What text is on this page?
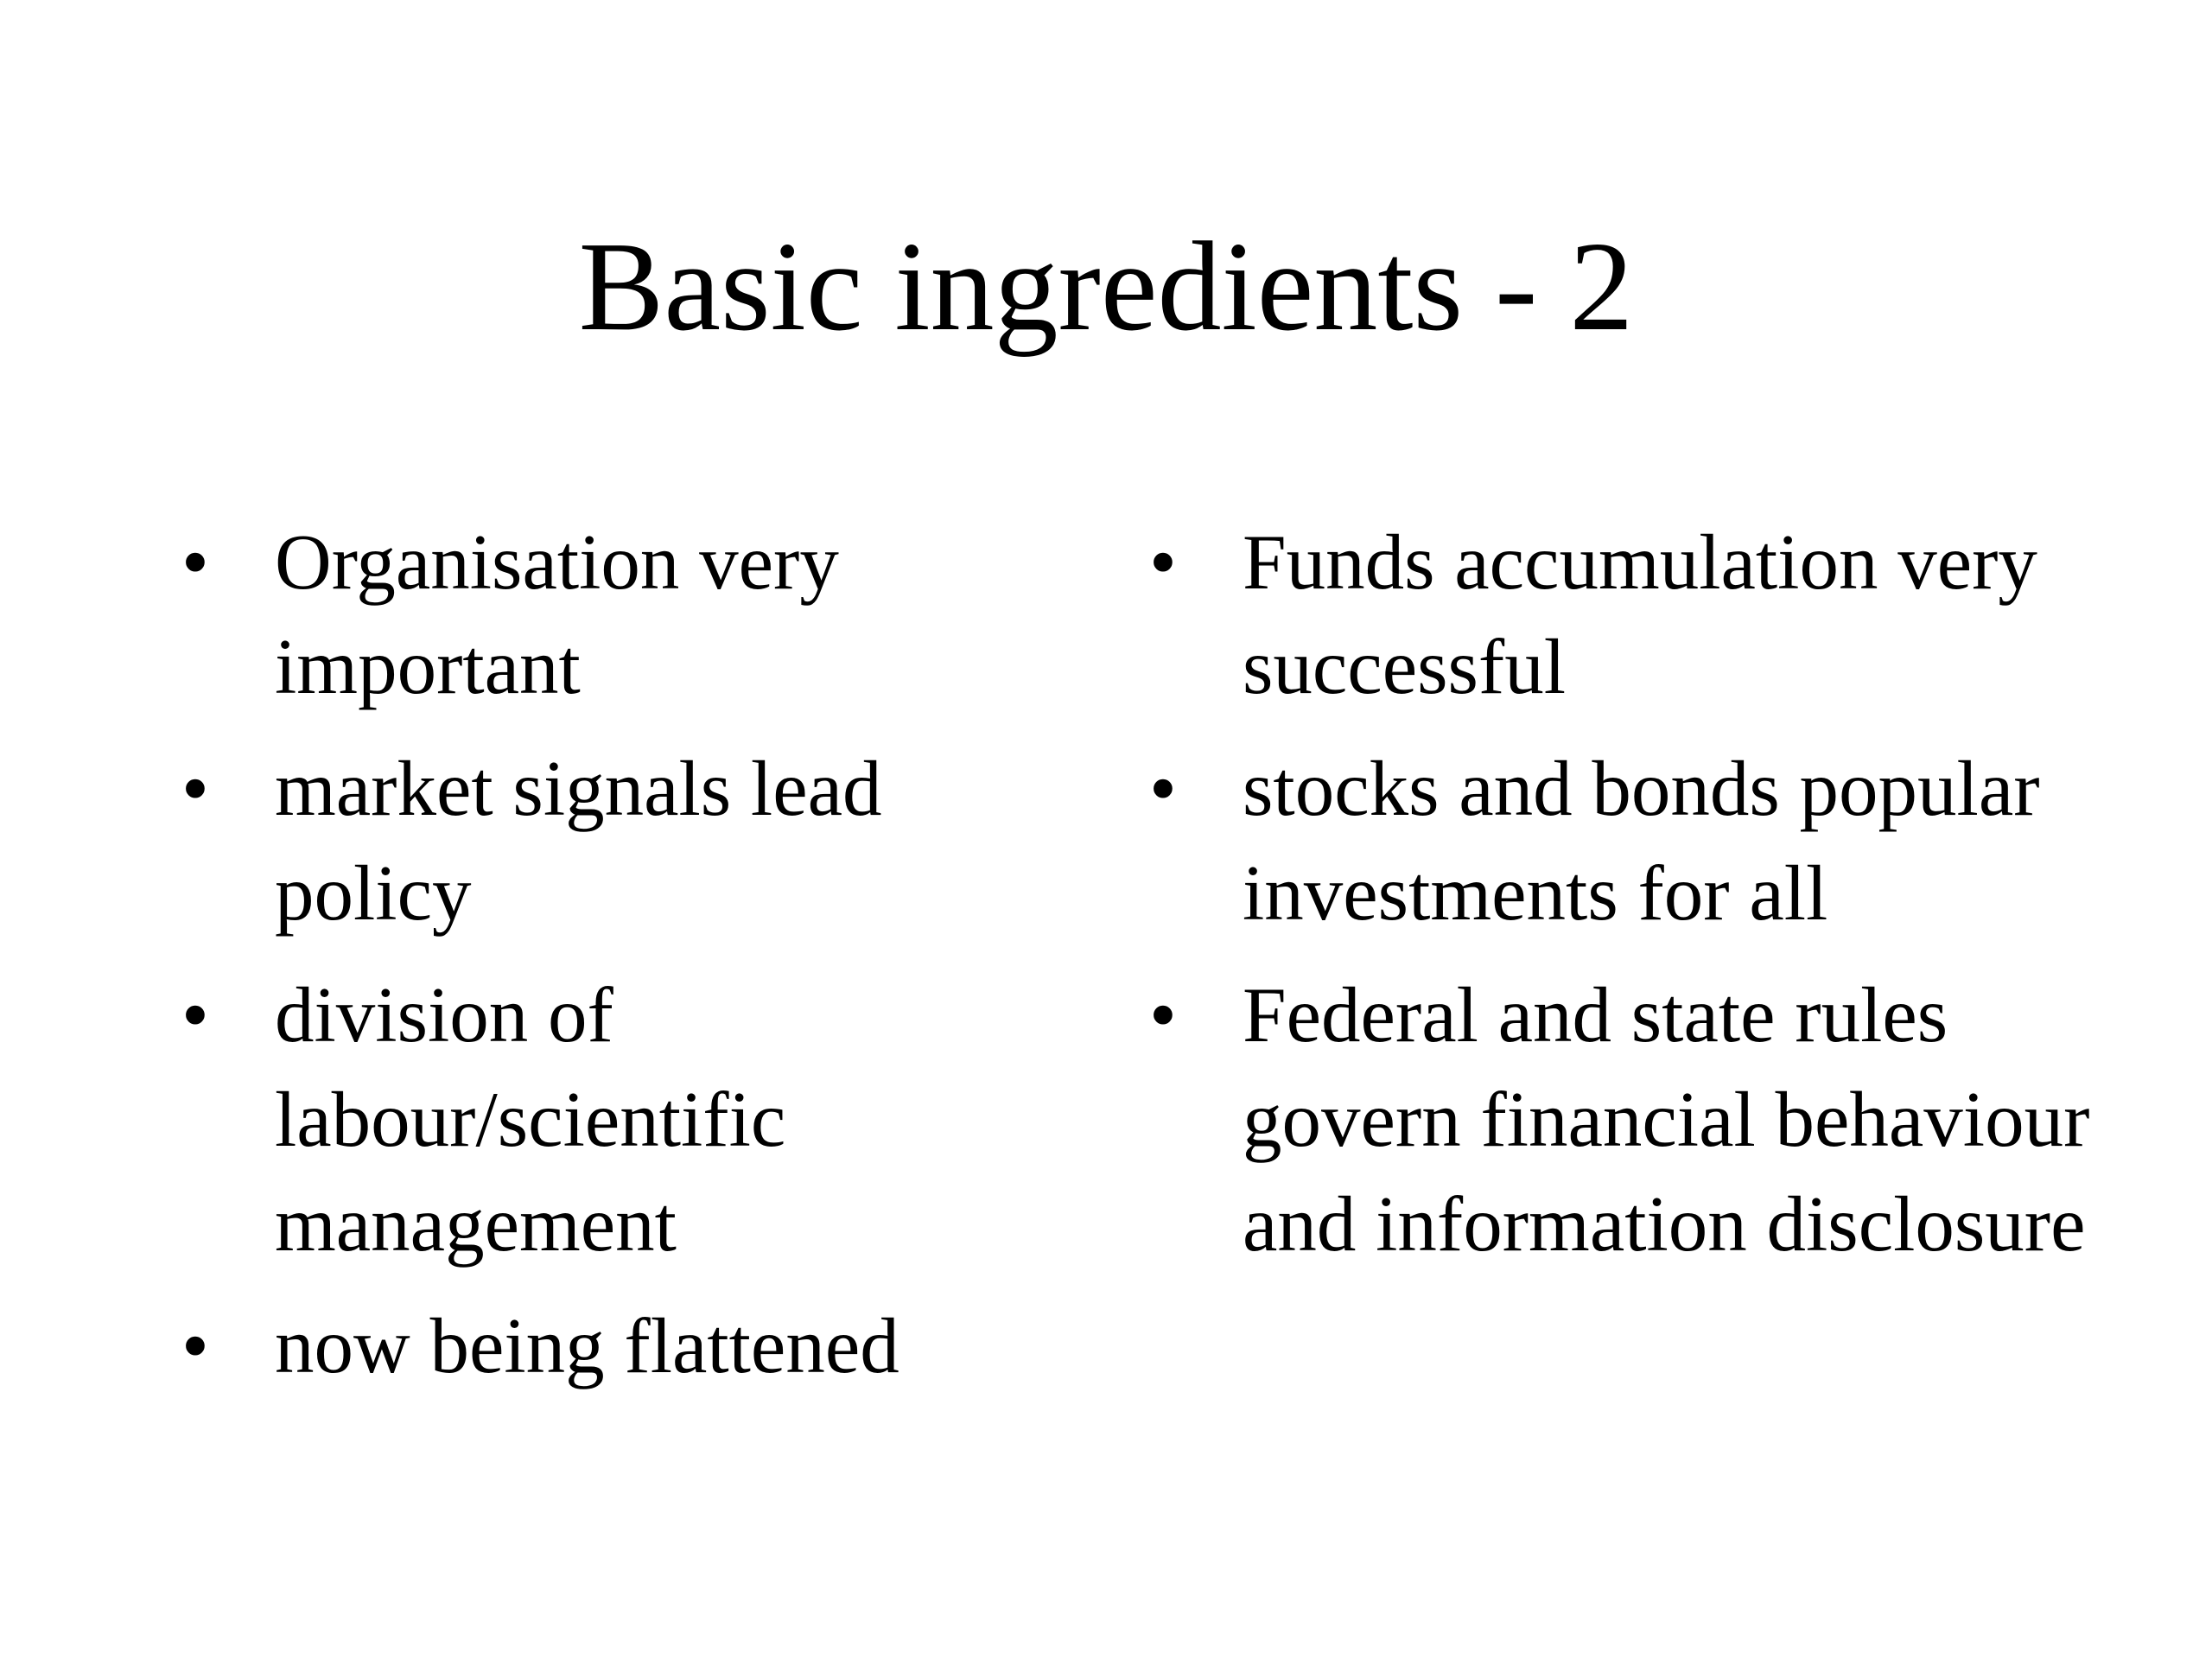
Basic ingredients - 2
• Organisation very important
• market signals lead policy
• division of labour/scientific management
• now being flattened
• Funds accumulation very successful
• stocks and bonds popular investments for all
• Federal and state rules govern financial behaviour and information disclosure
